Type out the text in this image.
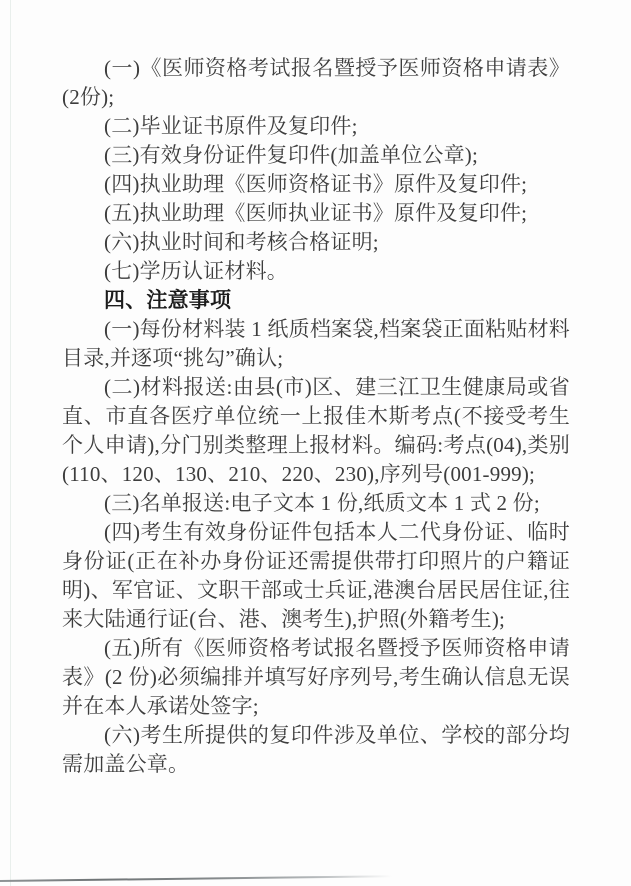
(一)《医师资格考试报名暨授予医师资格申请表》(2份);

(二)毕业证书原件及复印件;

(三)有效身份证件复印件(加盖单位公章);

(四)执业助理《医师资格证书》原件及复印件;

(五)执业助理《医师执业证书》原件及复印件;

(六)执业时间和考核合格证明;

(七)学历认证材料。

四、注意事项

(一)每份材料装 1 纸质档案袋,档案袋正面粘贴材料目录,并逐项“挑勾”确认;

(二)材料报送:由县(市)区、建三江卫生健康局或省直、市直各医疗单位统一上报佳木斯考点(不接受考生个人申请),分门别类整理上报材料。编码:考点(04),类别(110、120、130、210、220、230),序列号(001-999);

(三)名单报送:电子文本 1 份,纸质文本 1 式 2 份;

(四)考生有效身份证件包括本人二代身份证、临时身份证(正在补办身份证还需提供带打印照片的户籍证明)、军官证、文职干部或士兵证,港澳台居民居住证,往来大陆通行证(台、港、澳考生),护照(外籍考生);

(五)所有《医师资格考试报名暨授予医师资格申请表》(2 份)必须编排并填写好序列号,考生确认信息无误并在本人承诺处签字;

(六)考生所提供的复印件涉及单位、学校的部分均需加盖公章。
